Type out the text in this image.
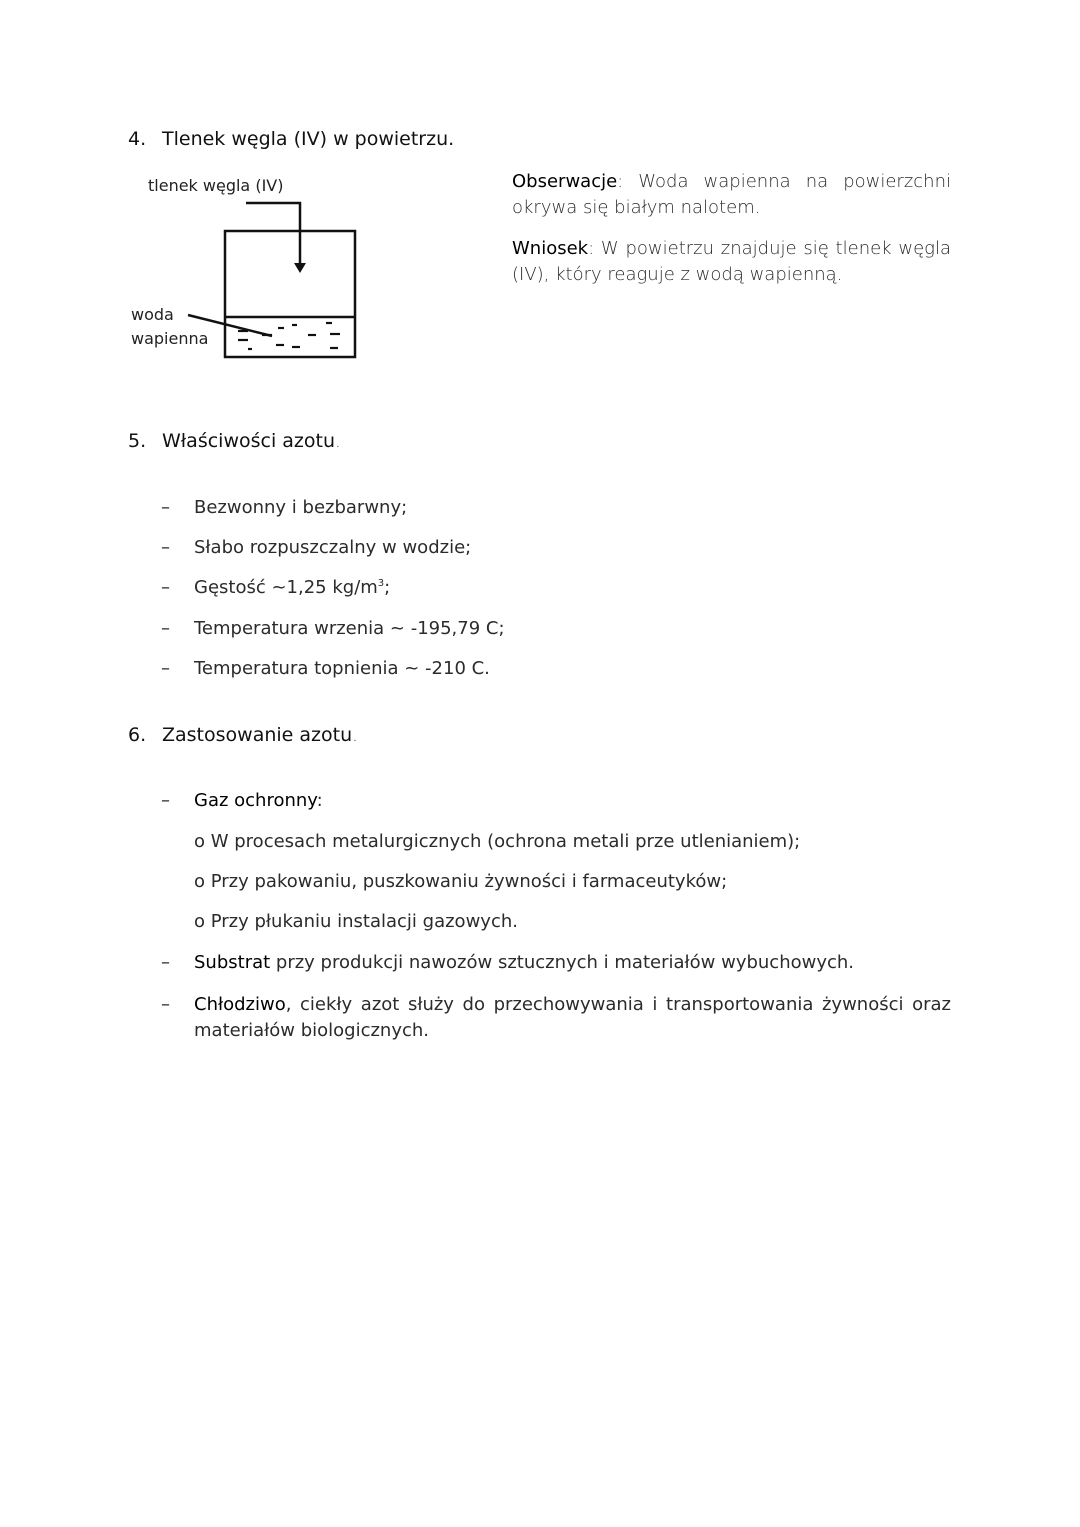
4. Tlenek węgla (IV) w powietrzu.
tlenek węgla (IV)
woda
wapienna
Obserwacje: Woda wapienna na powierzchni okrywa się białym nalotem.
Wniosek: W powietrzu znajduje się tlenek węgla (IV), który reaguje z wodą wapienną.
5. Właściwości azotu.
– Bezwonny i bezbarwny;
– Słabo rozpuszczalny w wodzie;
– Gęstość ~1,25 $kg/m^3$;
– Temperatura wrzenia ~ -195,79 C;
– Temperatura topnienia ~ -210 C.
6. Zastosowanie azotu.
– Gaz ochronny:
o W procesach metalurgicznych (ochrona metali prze utlenianiem);
o Przy pakowaniu, puszkowaniu żywności i farmaceutyków;
o Przy płukaniu instalacji gazowych.
– Substrat przy produkcji nawozów sztucznych i materiałów wybuchowych.
– Chłodziwo, ciekły azot służy do przechowywania i transportowania żywności oraz materiałów biologicznych.
